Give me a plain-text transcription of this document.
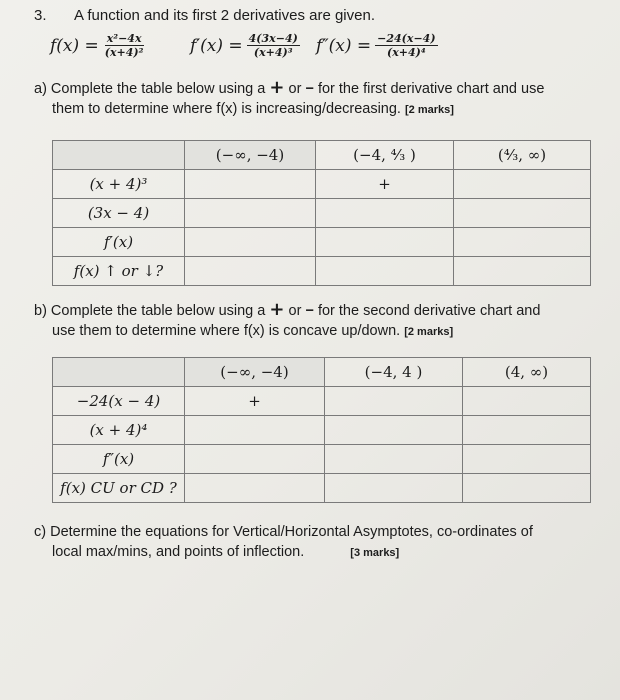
3. A function and its first 2 derivatives are given.
$f(x) = \frac{\text{x²−4x}}{\text{(x+4)²}}$	$f'(x) = \frac{4(3x-4)}{\text{(x+4)³}} f''(x) = \frac{-24(x-4)}{\text{(x+4)⁴}}$
a) Complete the table below using a + or − for the first derivative chart and use
them to determine where f(x) is increasing/decreasing. [2 marks]
	(−∞, −4)	(−4, ⁴⁄₃ )	(⁴⁄₃, ∞)
(x + 4)³		+	
(3x − 4)			
f′(x)			
f(x) ↑ or ↓?			
b) Complete the table below using a + or − for the second derivative chart and
use them to determine where f(x) is concave up/down. [2 marks]
	(−∞, −4)	(−4, 4 )	(4, ∞)
−24(x − 4)	+		
(x + 4)⁴			
f″(x)			
f(x) CU or CD ?			
c) Determine the equations for Vertical/Horizontal Asymptotes, co-ordinates of
local max/mins, and points of inflection.	[3 marks]
